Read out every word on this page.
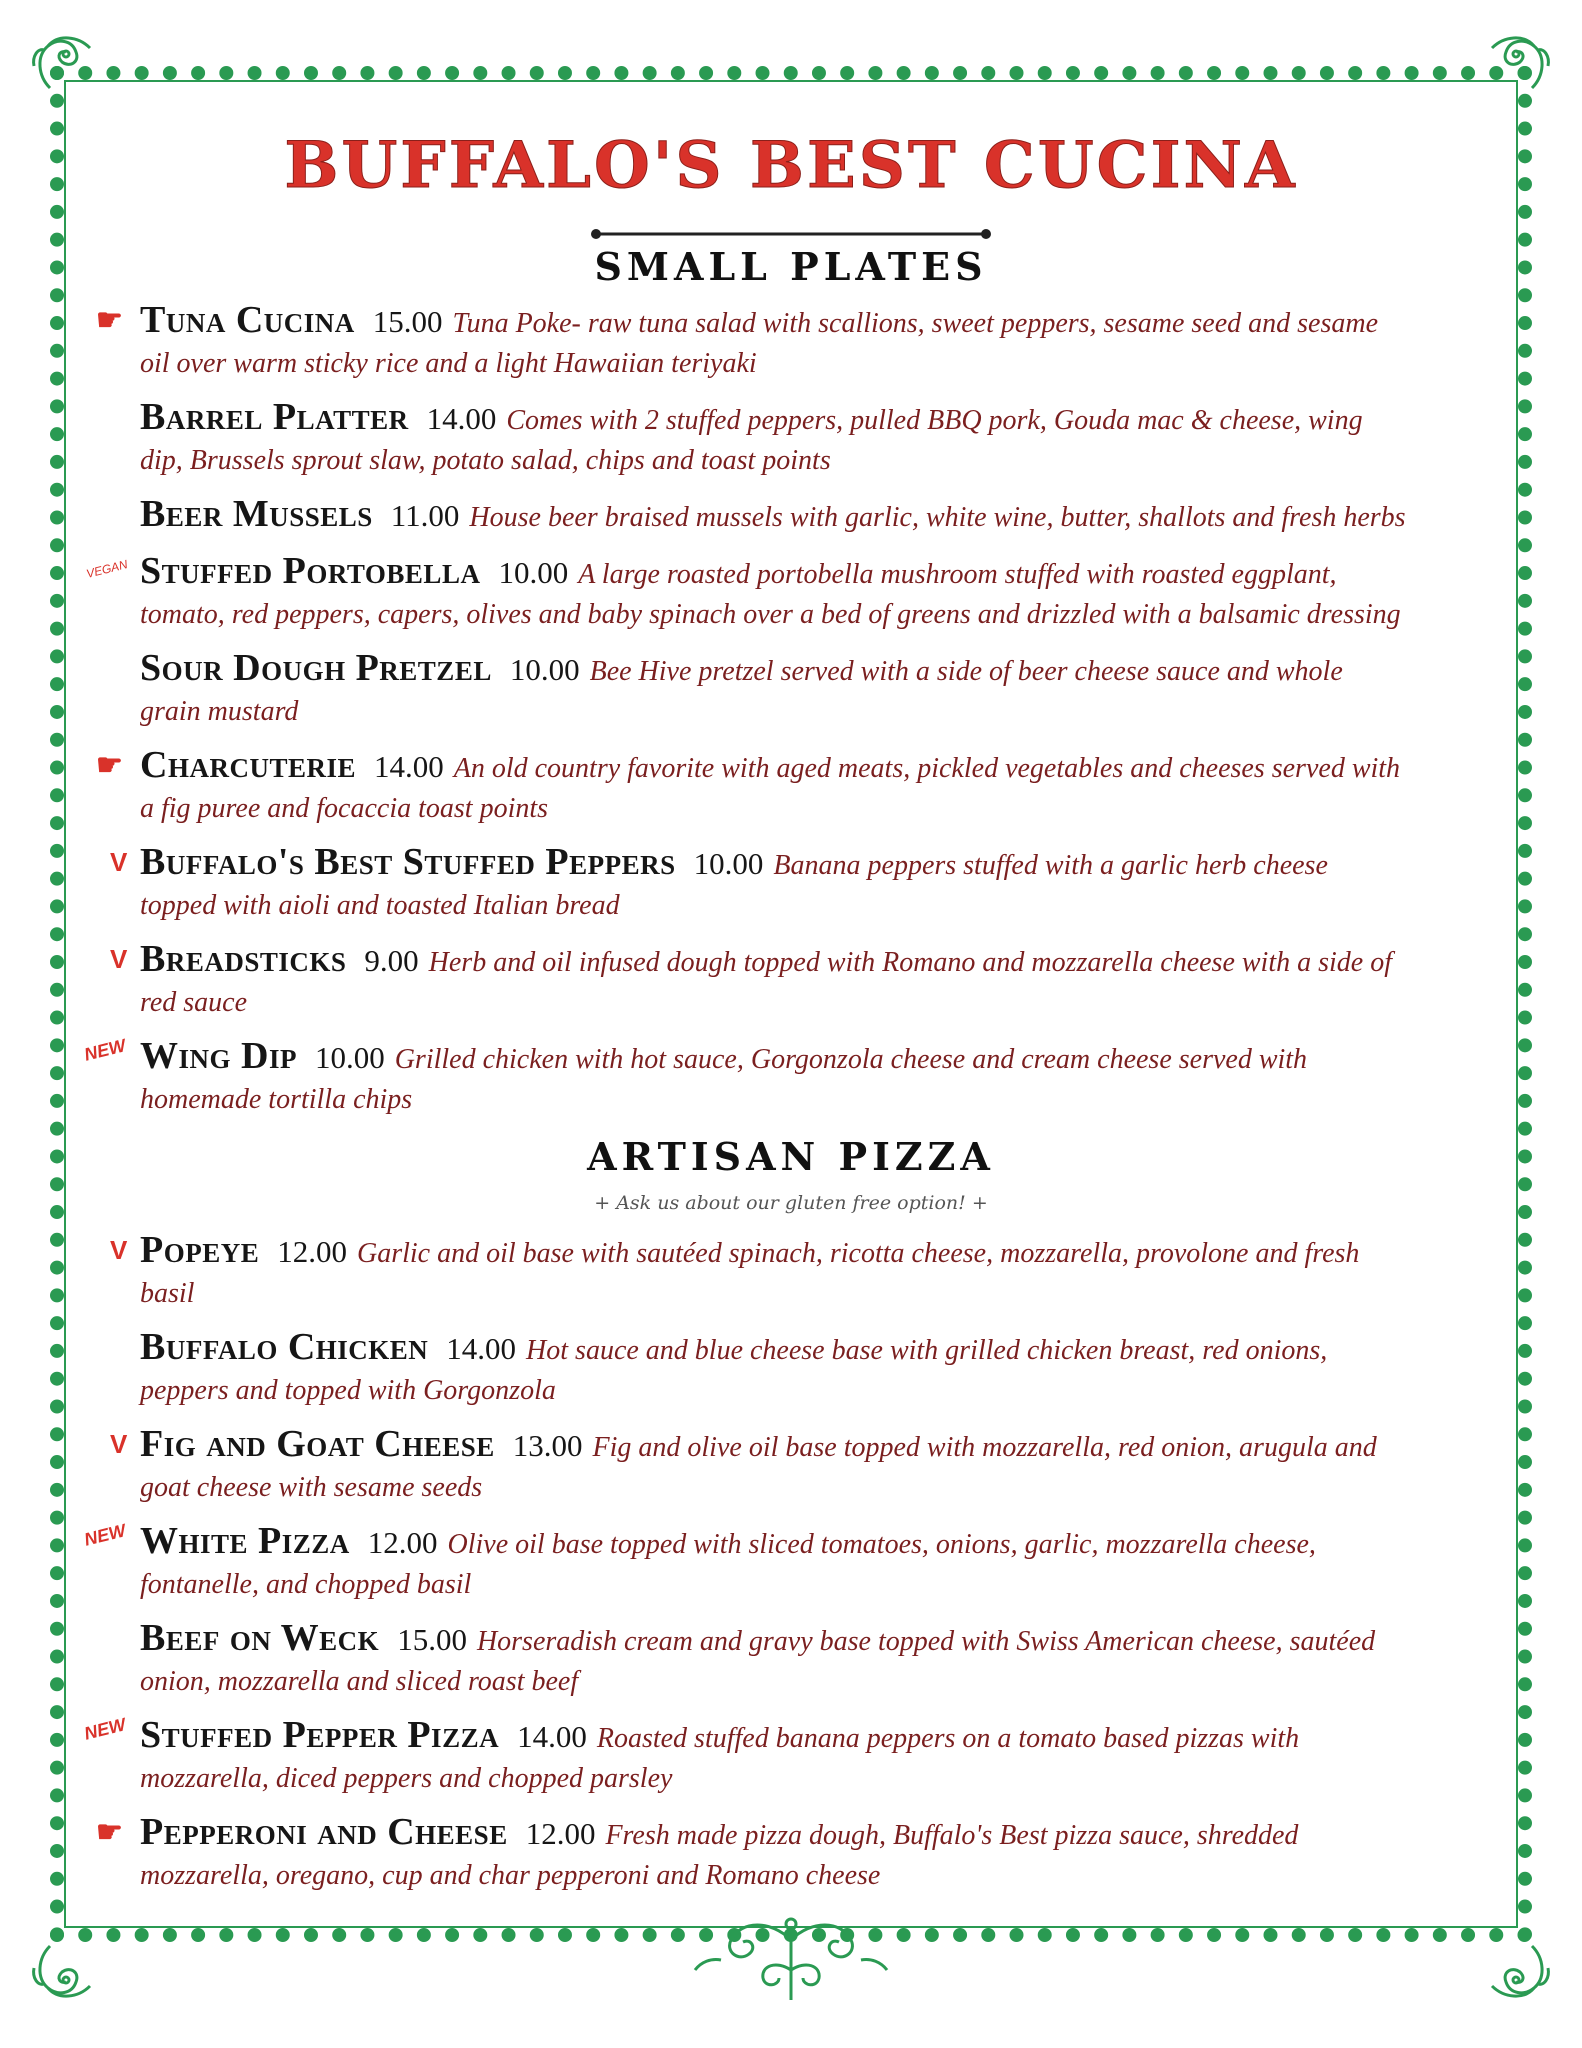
BUFFALO'S BEST CUCINA
SMALL PLATES
☛ Tuna Cucina 15.00 Tuna Poke- raw tuna salad with scallions, sweet peppers, sesame seed and sesame oil over warm sticky rice and a light Hawaiian teriyaki
Barrel Platter 14.00 Comes with 2 stuffed peppers, pulled BBQ pork, Gouda mac & cheese, wing dip, Brussels sprout slaw, potato salad, chips and toast points
Beer Mussels 11.00 House beer braised mussels with garlic, white wine, butter, shallots and fresh herbs
VEGAN Stuffed Portobella 10.00 A large roasted portobella mushroom stuffed with roasted eggplant, tomato, red peppers, capers, olives and baby spinach over a bed of greens and drizzled with a balsamic dressing
Sour Dough Pretzel 10.00 Bee Hive pretzel served with a side of beer cheese sauce and whole grain mustard
☛ Charcuterie 14.00 An old country favorite with aged meats, pickled vegetables and cheeses served with a fig puree and focaccia toast points
V Buffalo's Best Stuffed Peppers 10.00 Banana peppers stuffed with a garlic herb cheese topped with aioli and toasted Italian bread
V Breadsticks 9.00 Herb and oil infused dough topped with Romano and mozzarella cheese with a side of red sauce
NEW Wing Dip 10.00 Grilled chicken with hot sauce, Gorgonzola cheese and cream cheese served with homemade tortilla chips
ARTISAN PIZZA
+ Ask us about our gluten free option! +
V Popeye 12.00 Garlic and oil base with sautéed spinach, ricotta cheese, mozzarella, provolone and fresh basil
Buffalo Chicken 14.00 Hot sauce and blue cheese base with grilled chicken breast, red onions, peppers and topped with Gorgonzola
V Fig and Goat Cheese 13.00 Fig and olive oil base topped with mozzarella, red onion, arugula and goat cheese with sesame seeds
NEW White Pizza 12.00 Olive oil base topped with sliced tomatoes, onions, garlic, mozzarella cheese, fontanelle, and chopped basil
Beef on Weck 15.00 Horseradish cream and gravy base topped with Swiss American cheese, sautéed onion, mozzarella and sliced roast beef
NEW Stuffed Pepper Pizza 14.00 Roasted stuffed banana peppers on a tomato based pizzas with mozzarella, diced peppers and chopped parsley
☛ Pepperoni and Cheese 12.00 Fresh made pizza dough, Buffalo's Best pizza sauce, shredded mozzarella, oregano, cup and char pepperoni and Romano cheese
